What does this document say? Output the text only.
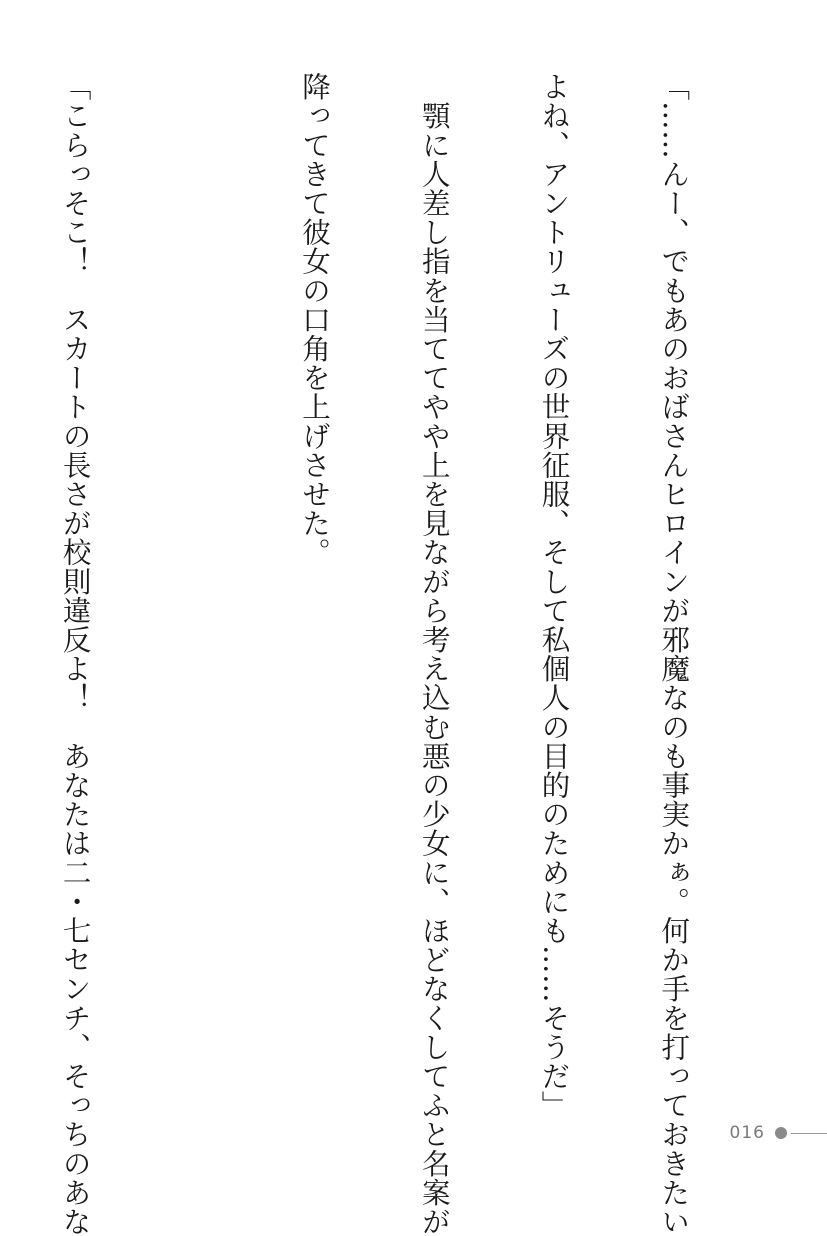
「……んー、でもあのおばさんヒロインが邪魔なのも事実かぁ。何か手を打っておきたい

よね、アントリューズの世界征服、そして私個人の目的のためにも……そうだ」

　顎に人差し指を当ててやや上を見ながら考え込む悪の少女に、ほどなくしてふと名案が

降ってきて彼女の口角を上げさせた。

「こらっそこ！　スカートの長さが校則違反よ！　あなたは二・七センチ、そっちのあな

	016
